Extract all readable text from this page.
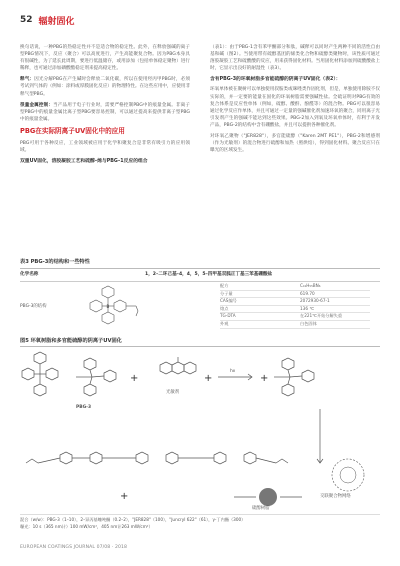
52 辐射固化

换句话说，一种PBG的热稳定性并不是适合物的稳定性。此外，在释放强碱的离子型PBG情况下，反应（聚合）可以高度进行，产生高能聚复合物。因为PBG本身具有很碱性，为了延长此周期，要进行低温储存，或用添加（包括单体稳定聚物）进行稀释，也可通过添加磷酸酯稳定剂来提高稳定性。

释气：因光分解PBG在产生碱时会释放二氧化碳，所以在使用羟丙甲PBG时，必须考试到气体的（例如：涂料或厚膜固化反应）的物理特性。在这些应用中，应使用非释气型PBG。

很量金属控制：当产品用于电子行业时，需要严格控制PBG中的痕量金属。非离子型PBG中的痕量金属比离子型PBG要容易控制，可以通过提高来提供非离子型PBG中的痕量金属。

PBG在实际阴离子UV固化中的应用

PBG可用于各种反应，工业领域被应用于化学和聚复合是非常有吸引力的应用领域。

双重UV固化，溶胶凝胶工艺和硫醇–烯与PBG–1反应的组合

（表1）：由于PBG-1含有苯甲酮部分和肽，碱释可以同时产生两种不同的活性自由基和碱（图2）。当使用带有硫醇基团的烯类化合物和硫醇类聚物时，该性质可通过溶胶凝胶工艺和硫酸酸的反应，用来获得固化材料。当用固化材料添加到硫酸酸盐上时，它显示出良好的耐湿性（表3）。

含有PBG-3的环氧树脂多官能硫醇的阴离子UV固化（表2）：

环氧单体被在聚树可以单独使用叔胺类或咪唑类作固化剂，但是，单独使用除胺不仅实际的，并一定要的能量在固化的环氧树脂需要强碱性盐。全硫证明对PBG有效的复合体系是反应性单体（例如，硫醇、酸酐、酚醛等）的混合物。PBG可以很容易通过化学反应作单体，并且可通过一定量的强碱催化剂加速环氧的聚合，同用离子光引发剂产生的强碱不能达到这些效果。PBG-2加入到氧及环氧单体时，有利于开发产品，PBG-2的结构中含有硼酸盐，并且可以提供各种催化剂。

对环氧乙聚物（"JER828"），多官能硫醇（"Karen 2MT PE1"），PBG-2和增感剂（作为光敏剂）的混合物进行硫醇和加热（照烘焙），得到固化材料。聚合反应只在曝光的区域发生。

表3 PBG-3的结构和一些特性
化学名称	1，2–二环己基–4，4，5，5–四甲基双胍正丁基三苯基硼酸盐
PBG-3的结构	B
配方	C₄₁H₅₅BN₆
分子量	619.70
CAS编号	2072930-67-1
熔点	136 ℃
TG-DTA	在221℃开始分解失重
外观	白色固体
图5 环氧树脂和多官能硫醇的阴离子UV固化
+	+	+
+
PBG-3
hν
光敏剂
硫醇树脂
交联聚合物网络
混合（w/w）：PBG-3（1–10），2–异丙基噻吨酮（0.2–2），"JER828"（100），"Juncryl 622"（61），γ-丁内酯（300）
曝光：10 s（365 nm计）100 mW/cm²，405 nm计263 mW/cm²）
EUROPEAN COATINGS JOURNAL 07/08 · 2018
